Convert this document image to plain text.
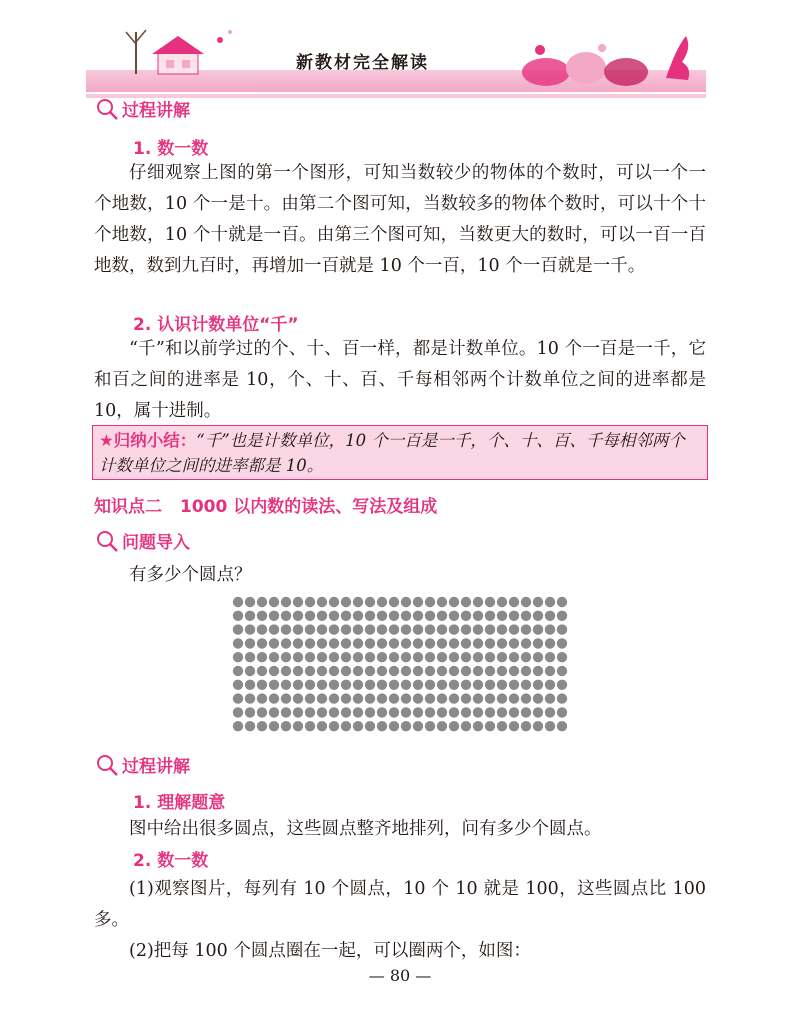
新教材完全解读
过程讲解
1. 数一数
仔细观察上图的第一个图形，可知当数较少的物体的个数时，可以一个一个地数，10 个一是十。由第二个图可知，当数较多的物体个数时，可以十个十个地数，10 个十就是一百。由第三个图可知，当数更大的数时，可以一百一百地数，数到九百时，再增加一百就是 10 个一百，10 个一百就是一千。
2. 认识计数单位“千”
“千”和以前学过的个、十、百一样，都是计数单位。10 个一百是一千，它和百之间的进率是 10，个、十、百、千每相邻两个计数单位之间的进率都是 10，属十进制。
★归纳小结：“千”也是计数单位，10 个一百是一千，个、十、百、千每相邻两个计数单位之间的进率都是 10。
知识点二 1000 以内数的读法、写法及组成
问题导入
有多少个圆点？
过程讲解
1. 理解题意
图中给出很多圆点，这些圆点整齐地排列，问有多少个圆点。
2. 数一数
(1)观察图片，每列有 10 个圆点，10 个 10 就是 100，这些圆点比 100 多。
(2)把每 100 个圆点圈在一起，可以圈两个，如图：
— 80 —
